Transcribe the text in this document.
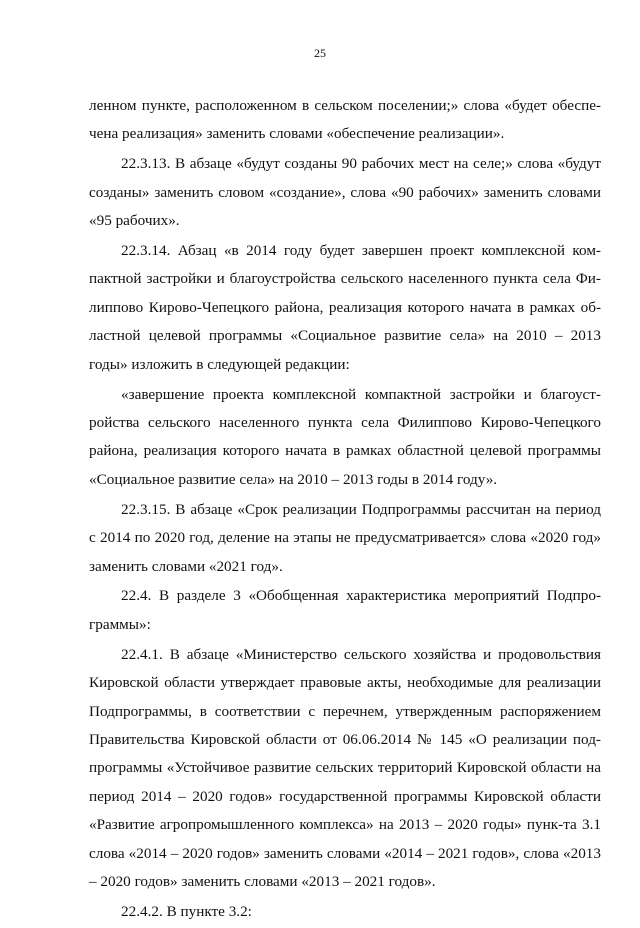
25

ленном пункте, расположенном в сельском поселении;» слова «будет обеспе-чена реализация» заменить словами «обеспечение реализации».

22.3.13. В абзаце «будут созданы 90 рабочих мест на селе;» слова «будут созданы» заменить словом «создание», слова «90 рабочих» заменить словами «95 рабочих».

22.3.14. Абзац «в 2014 году будет завершен проект комплексной ком-пактной застройки и благоустройства сельского населенного пункта села Фи-липпово Кирово-Чепецкого района, реализация которого начата в рамках об-ластной целевой программы «Социальное развитие села» на 2010 – 2013 годы» изложить в следующей редакции:

«завершение проекта комплексной компактной застройки и благоуст-ройства сельского населенного пункта села Филиппово Кирово-Чепецкого района, реализация которого начата в рамках областной целевой программы «Социальное развитие села» на 2010 – 2013 годы в 2014 году».

22.3.15. В абзаце «Срок реализации Подпрограммы рассчитан на период с 2014 по 2020 год, деление на этапы не предусматривается» слова «2020 год» заменить словами «2021 год».

22.4. В разделе 3 «Обобщенная характеристика мероприятий Подпро-граммы»:

22.4.1. В абзаце «Министерство сельского хозяйства и продовольствия Кировской области утверждает правовые акты, необходимые для реализации Подпрограммы, в соответствии с перечнем, утвержденным распоряжением Правительства Кировской области от 06.06.2014 № 145 «О реализации под-программы «Устойчивое развитие сельских территорий Кировской области на период 2014 – 2020 годов» государственной программы Кировской области «Развитие агропромышленного комплекса» на 2013 – 2020 годы» пунк-та 3.1 слова «2014 – 2020 годов» заменить словами «2014 – 2021 годов», слова «2013 – 2020 годов» заменить словами «2013 – 2021 годов».

22.4.2. В пункте 3.2:
